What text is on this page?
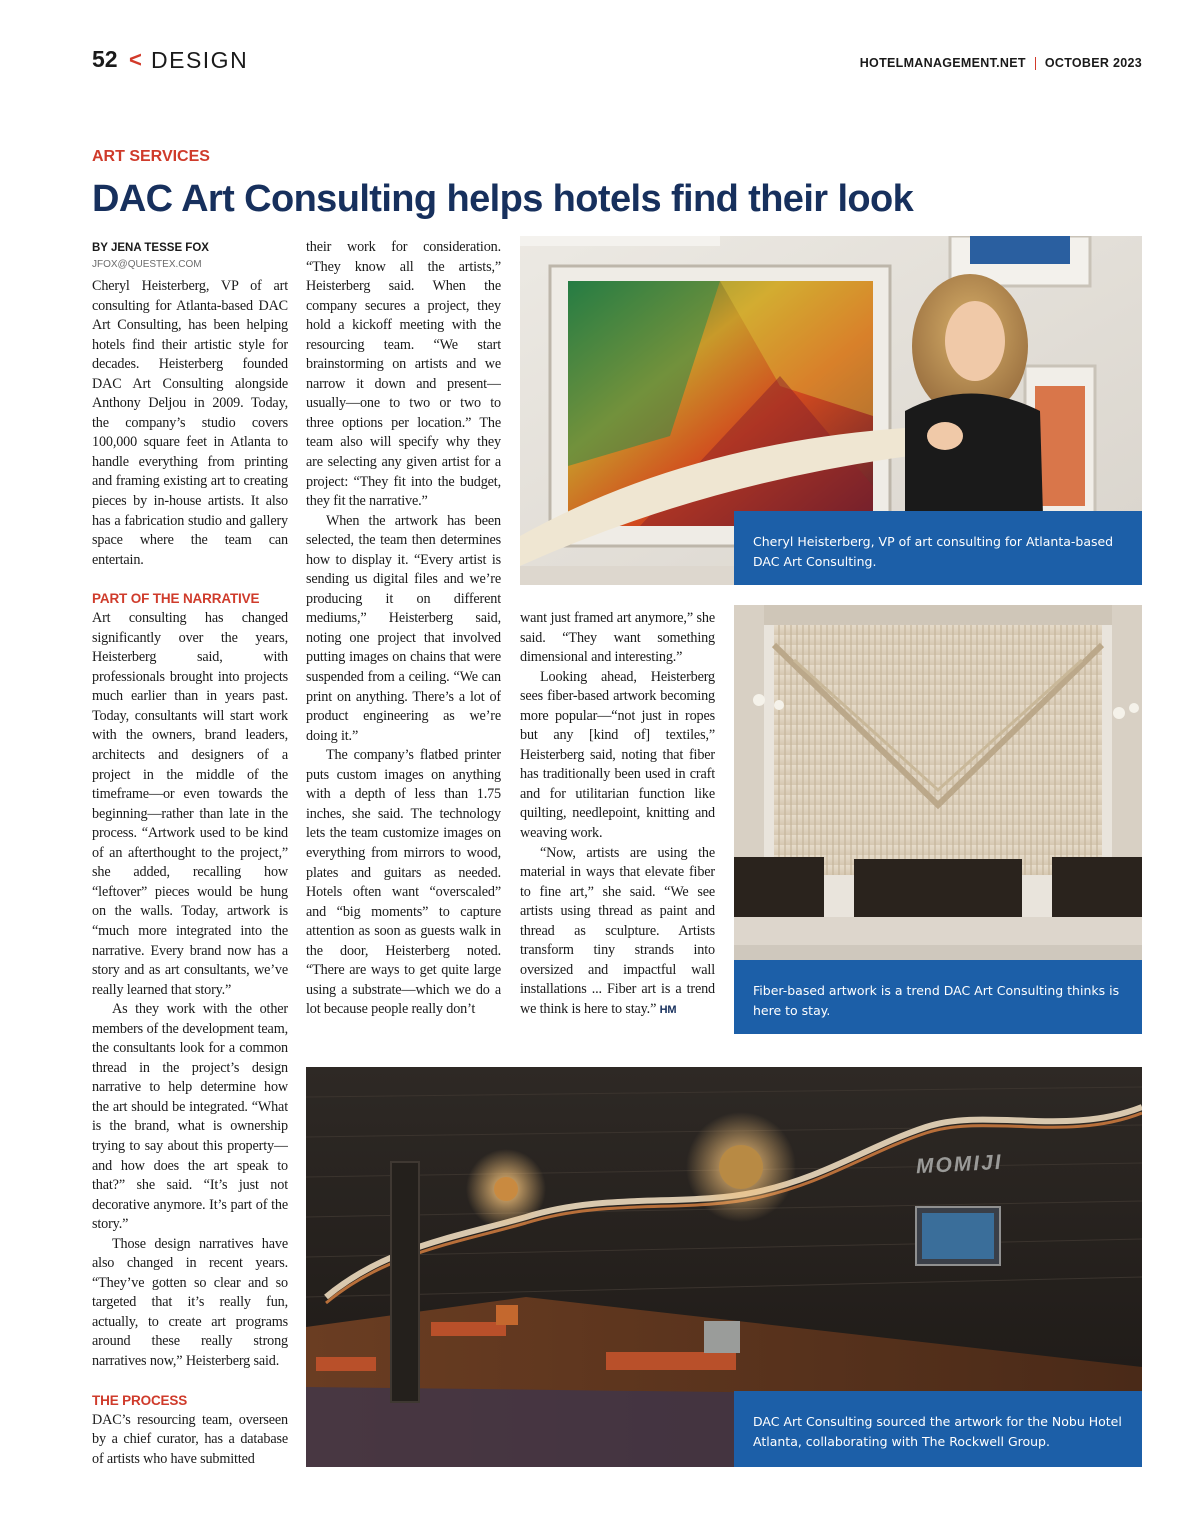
52 < DESIGN	HOTELMANAGEMENT.NET OCTOBER 2023
ART SERVICES
DAC Art Consulting helps hotels find their look
BY JENA TESSE FOX
JFOX@QUESTEX.COM

Cheryl Heisterberg, VP of art consulting for Atlanta-based DAC Art Consulting, has been helping hotels find their artistic style for decades. Heisterberg founded DAC Art Consulting alongside Anthony Deljou in 2009. Today, the company’s studio covers 100,000 square feet in Atlanta to handle everything from printing and framing existing art to creating pieces by in-house artists. It also has a fabrication studio and gallery space where the team can entertain.

PART OF THE NARRATIVE

Art consulting has changed significantly over the years, Heisterberg said, with professionals brought into projects much earlier than in years past. Today, consultants will start work with the owners, brand leaders, architects and designers of a project in the middle of the timeframe—or even towards the beginning—rather than late in the process. “Artwork used to be kind of an afterthought to the project,” she added, recalling how “leftover” pieces would be hung on the walls. Today, artwork is “much more integrated into the narrative. Every brand now has a story and as art consultants, we’ve really learned that story.”

As they work with the other members of the development team, the consultants look for a common thread in the project’s design narrative to help determine how the art should be integrated. “What is the brand, what is ownership trying to say about this property—and how does the art speak to that?” she said. “It’s just not decorative anymore. It’s part of the story.”

Those design narratives have also changed in recent years. “They’ve gotten so clear and so targeted that it’s really fun, actually, to create art programs around these really strong narratives now,” Heisterberg said.

THE PROCESS

DAC’s resourcing team, overseen by a chief curator, has a database of artists who have submitted

their work for consideration. “They know all the artists,” Heisterberg said. When the company secures a project, they hold a kickoff meeting with the resourcing team. “We start brainstorming on artists and we narrow it down and present—usually—one to two or two to three options per location.” The team also will specify why they are selecting any given artist for a project: “They fit into the budget, they fit the narrative.”

When the artwork has been selected, the team then determines how to display it. “Every artist is sending us digital files and we’re producing it on different mediums,” Heisterberg said, noting one project that involved putting images on chains that were suspended from a ceiling. “We can print on anything. There’s a lot of product engineering as we’re doing it.”

The company’s flatbed printer puts custom images on anything with a depth of less than 1.75 inches, she said. The technology lets the team customize images on everything from mirrors to wood, plates and guitars as needed. Hotels often want “overscaled” and “big moments” to capture attention as soon as guests walk in the door, Heisterberg noted. “There are ways to get quite large using a substrate—which we do a lot because people really don’t

want just framed art anymore,” she said. “They want something dimensional and interesting.”

Looking ahead, Heisterberg sees fiber-based artwork becoming more popular—“not just in ropes but any [kind of] textiles,” Heisterberg said, noting that fiber has traditionally been used in craft and for utilitarian function like quilting, needlepoint, knitting and weaving work.

“Now, artists are using the material in ways that elevate fiber to fine art,” she said. “We see artists using thread as paint and thread as sculpture. Artists transform tiny strands into oversized and impactful wall installations ... Fiber art is a trend we think is here to stay.” HM

Cheryl Heisterberg, VP of art consulting for Atlanta-based DAC Art Consulting.
Fiber-based artwork is a trend DAC Art Consulting thinks is here to stay.
MOMIJI
DAC Art Consulting sourced the artwork for the Nobu Hotel Atlanta, collaborating with The Rockwell Group.
